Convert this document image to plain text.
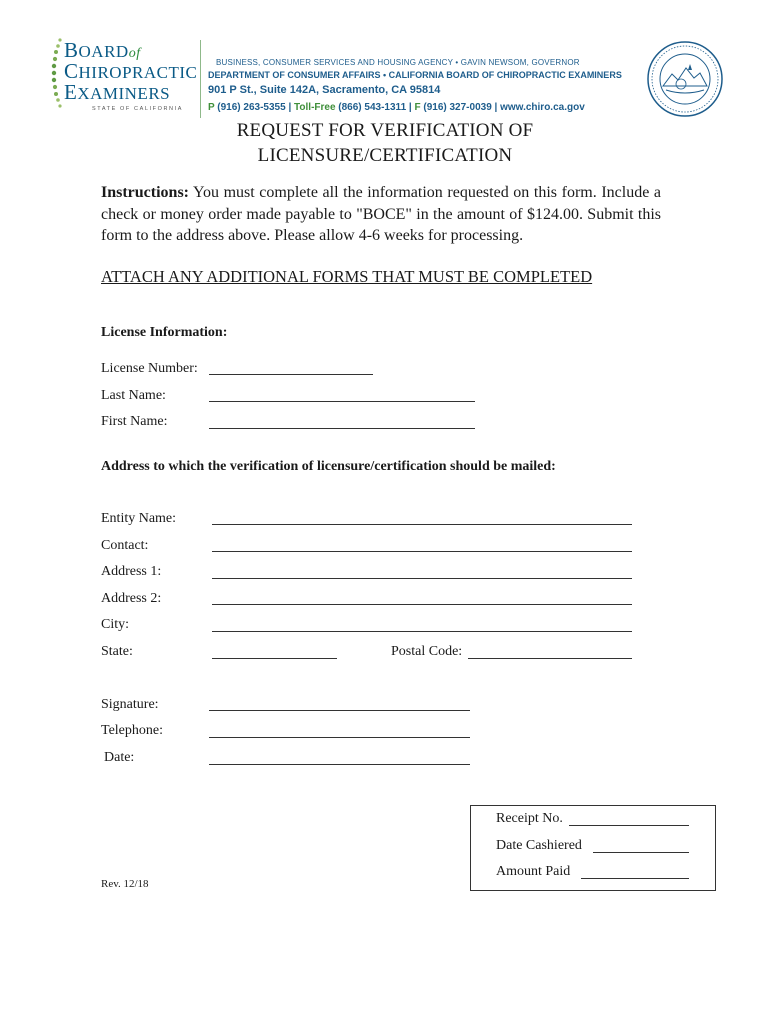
BOARDof
CHIROPRACTIC
EXAMINERS
STATE OF CALIFORNIA
BUSINESS, CONSUMER SERVICES AND HOUSING AGENCY • GAVIN NEWSOM, GOVERNOR
DEPARTMENT OF CONSUMER AFFAIRS • CALIFORNIA BOARD OF CHIROPRACTIC EXAMINERS
901 P St., Suite 142A, Sacramento, CA 95814
P (916) 263-5355 | Toll-Free (866) 543-1311 | F (916) 327-0039 | www.chiro.ca.gov
REQUEST FOR VERIFICATION OF
LICENSURE/CERTIFICATION
Instructions: You must complete all the information requested on this form. Include a check or money order made payable to "BOCE" in the amount of $124.00. Submit this form to the address above. Please allow 4-6 weeks for processing.
ATTACH ANY ADDITIONAL FORMS THAT MUST BE COMPLETED
License Information:
License Number:
Last Name:
First Name:
Address to which the verification of licensure/certification should be mailed:
Entity Name:
Contact:
Address 1:
Address 2:
City:
State:	Postal Code:
Signature:
Telephone:
Date:
Receipt No.
Date Cashiered
Amount Paid
Rev. 12/18
